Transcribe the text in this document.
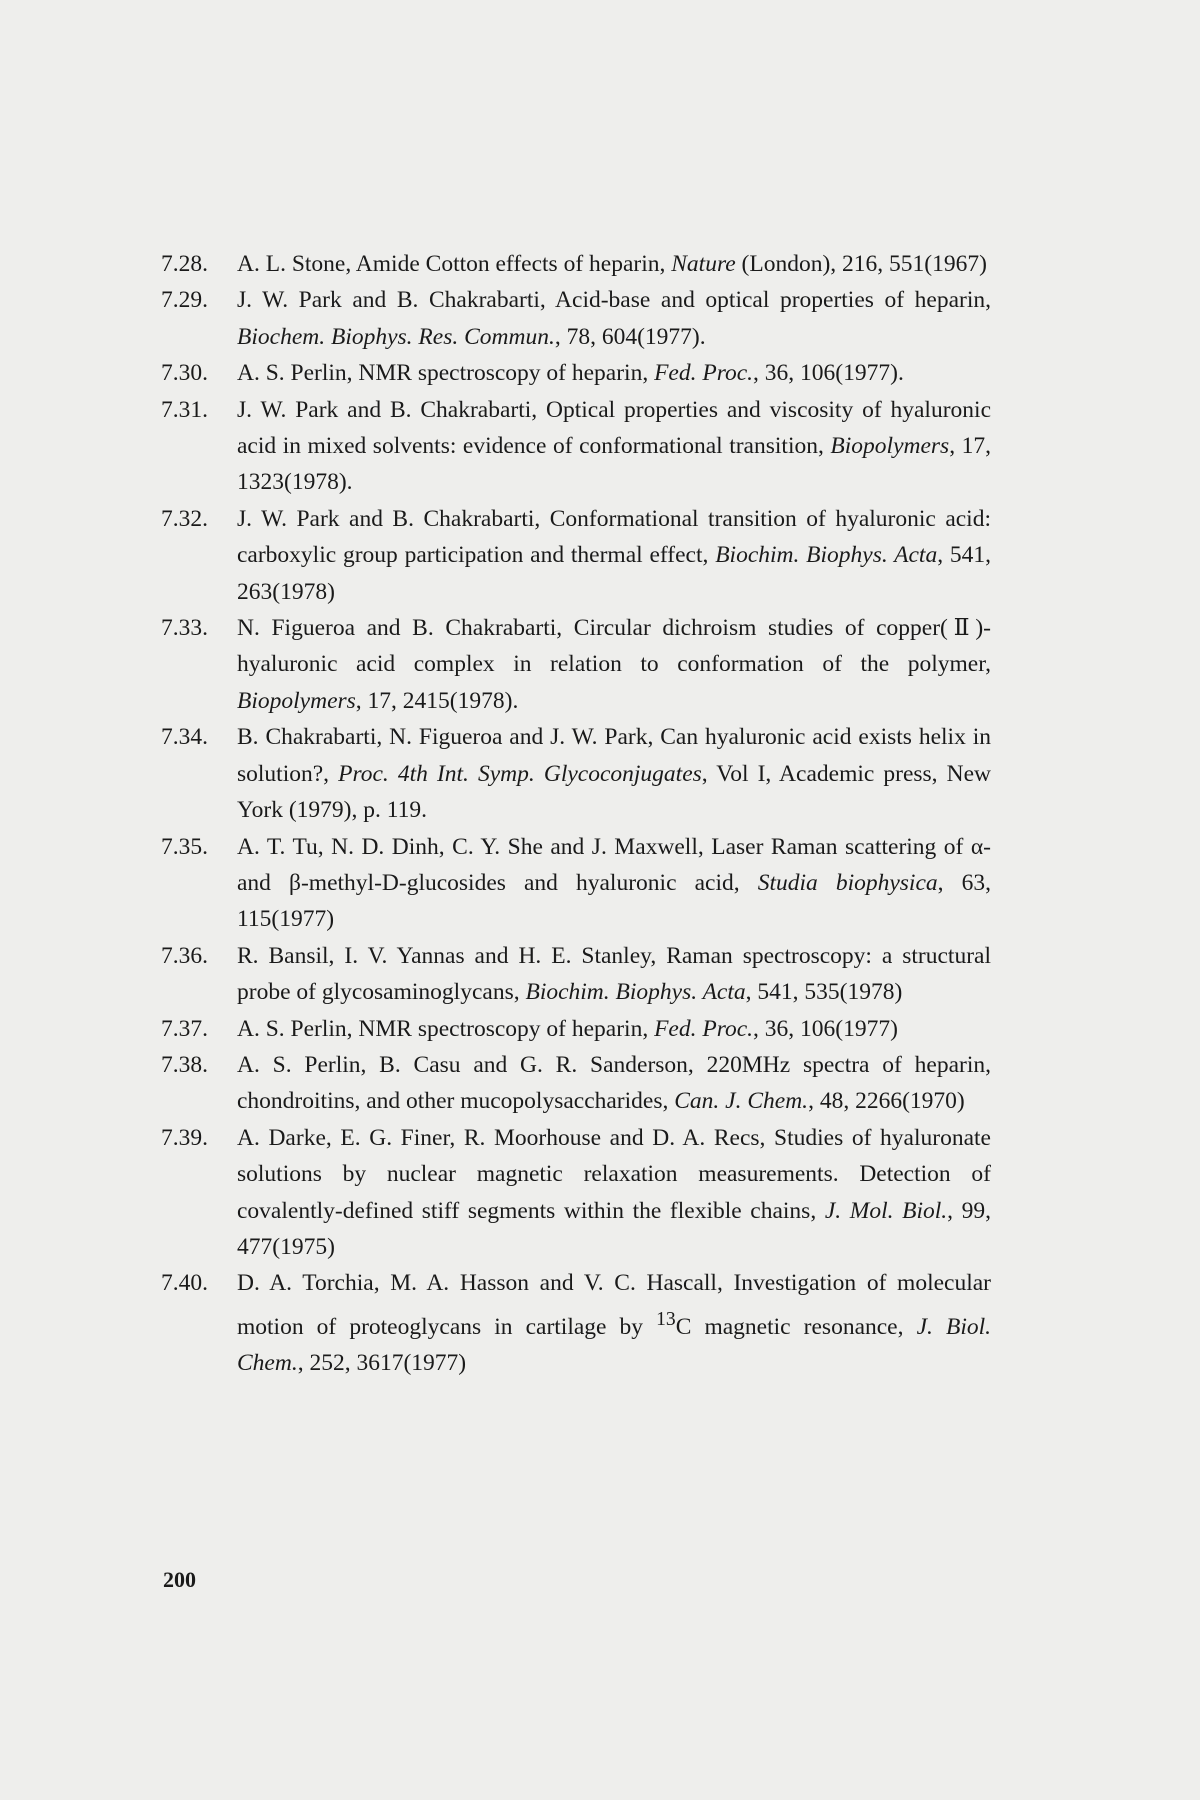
7.28. A. L. Stone, Amide Cotton effects of heparin, Nature (London), 216, 551(1967)
7.29. J. W. Park and B. Chakrabarti, Acid-base and optical properties of heparin, Biochem. Biophys. Res. Commun., 78, 604(1977).
7.30. A. S. Perlin, NMR spectroscopy of heparin, Fed. Proc., 36, 106(1977).
7.31. J. W. Park and B. Chakrabarti, Optical properties and viscosity of hyaluronic acid in mixed solvents: evidence of conformational transition, Biopolymers, 17, 1323(1978).
7.32. J. W. Park and B. Chakrabarti, Conformational transition of hyaluronic acid: carboxylic group participation and thermal effect, Biochim. Biophys. Acta, 541, 263(1978)
7.33. N. Figueroa and B. Chakrabarti, Circular dichroism studies of copper(Ⅱ)-hyaluronic acid complex in relation to conformation of the polymer, Biopolymers, 17, 2415(1978).
7.34. B. Chakrabarti, N. Figueroa and J. W. Park, Can hyaluronic acid exists helix in solution?, Proc. 4th Int. Symp. Glycoconjugates, Vol I, Academic press, New York (1979), p. 119.
7.35. A. T. Tu, N. D. Dinh, C. Y. She and J. Maxwell, Laser Raman scattering of α-and β-methyl-D-glucosides and hyaluronic acid, Studia biophysica, 63, 115(1977)
7.36. R. Bansil, I. V. Yannas and H. E. Stanley, Raman spectroscopy: a structural probe of glycosaminoglycans, Biochim. Biophys. Acta, 541, 535(1978)
7.37. A. S. Perlin, NMR spectroscopy of heparin, Fed. Proc., 36, 106(1977)
7.38. A. S. Perlin, B. Casu and G. R. Sanderson, 220MHz spectra of heparin, chondroitins, and other mucopolysaccharides, Can. J. Chem., 48, 2266(1970)
7.39. A. Darke, E. G. Finer, R. Moorhouse and D. A. Recs, Studies of hyaluronate solutions by nuclear magnetic relaxation measurements. Detection of covalently-defined stiff segments within the flexible chains, J. Mol. Biol., 99, 477(1975)
7.40. D. A. Torchia, M. A. Hasson and V. C. Hascall, Investigation of molecular motion of proteoglycans in cartilage by $^{13}$C magnetic resonance, J. Biol. Chem., 252, 3617(1977)
200
